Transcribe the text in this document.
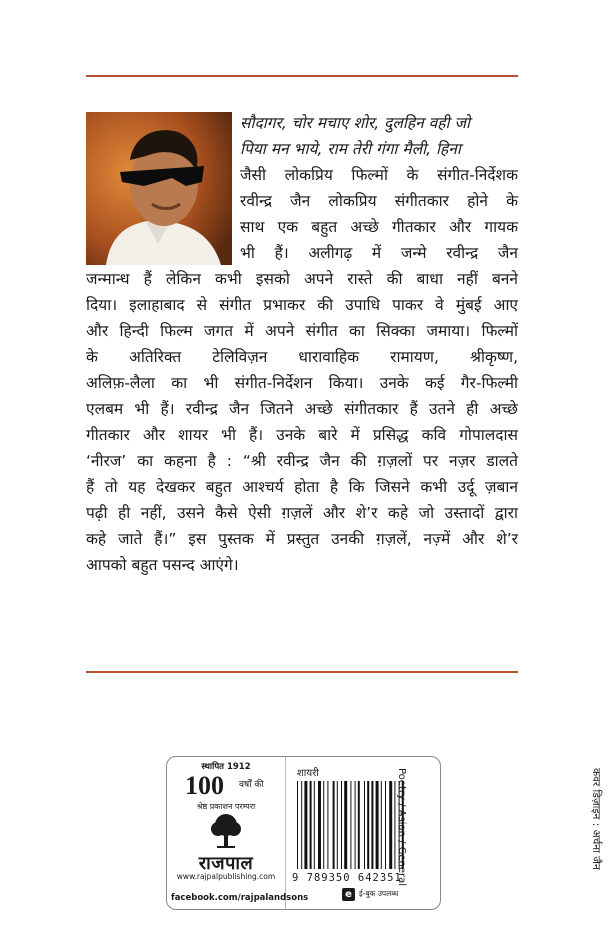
सौदागर, चोर मचाए शोर, दुलहिन वही जो
पिया मन भाये, राम तेरी गंगा मैली, हिना
जैसी लोकप्रिय फिल्मों के संगीत-निर्देशक
रवीन्द्र जैन लोकप्रिय संगीतकार होने के
साथ एक बहुत अच्छे गीतकार और गायक
भी हैं। अलीगढ़ में जन्मे रवीन्द्र जैन
जन्मान्ध हैं लेकिन कभी इसको अपने रास्ते की बाधा नहीं बनने
दिया। इलाहाबाद से संगीत प्रभाकर की उपाधि पाकर वे मुंबई आए
और हिन्दी फिल्म जगत में अपने संगीत का सिक्का जमाया। फिल्मों
के अतिरिक्त टेलिविज़न धारावाहिक रामायण, श्रीकृष्ण,
अलिफ़-लैला का भी संगीत-निर्देशन किया। उनके कई गैर-फिल्मी
एलबम भी हैं। रवीन्द्र जैन जितने अच्छे संगीतकार हैं उतने ही अच्छे
गीतकार और शायर भी हैं। उनके बारे में प्रसिद्ध कवि गोपालदास
‘नीरज’ का कहना है : “श्री रवीन्द्र जैन की ग़ज़लों पर नज़र डालते
हैं तो यह देखकर बहुत आश्चर्य होता है कि जिसने कभी उर्दू ज़बान
पढ़ी ही नहीं, उसने कैसे ऐसी ग़ज़लें और शे’र कहे जो उस्तादों द्वारा
कहे जाते हैं।” इस पुस्तक में प्रस्तुत उनकी ग़ज़लें, नज़्में और शे’र
आपको बहुत पसन्द आएंगे।
स्थापित 1912
100 वर्षों की
श्रेष्ठ प्रकाशन परम्परा
राजपाल
www.rajpalpublishing.com
facebook.com/rajpalandsons
शायरी
9 789350 642351
e ई-बुक उपलब्ध
Poetry / Asian / General	कवर डिज़ाइन : अर्चना जैन
